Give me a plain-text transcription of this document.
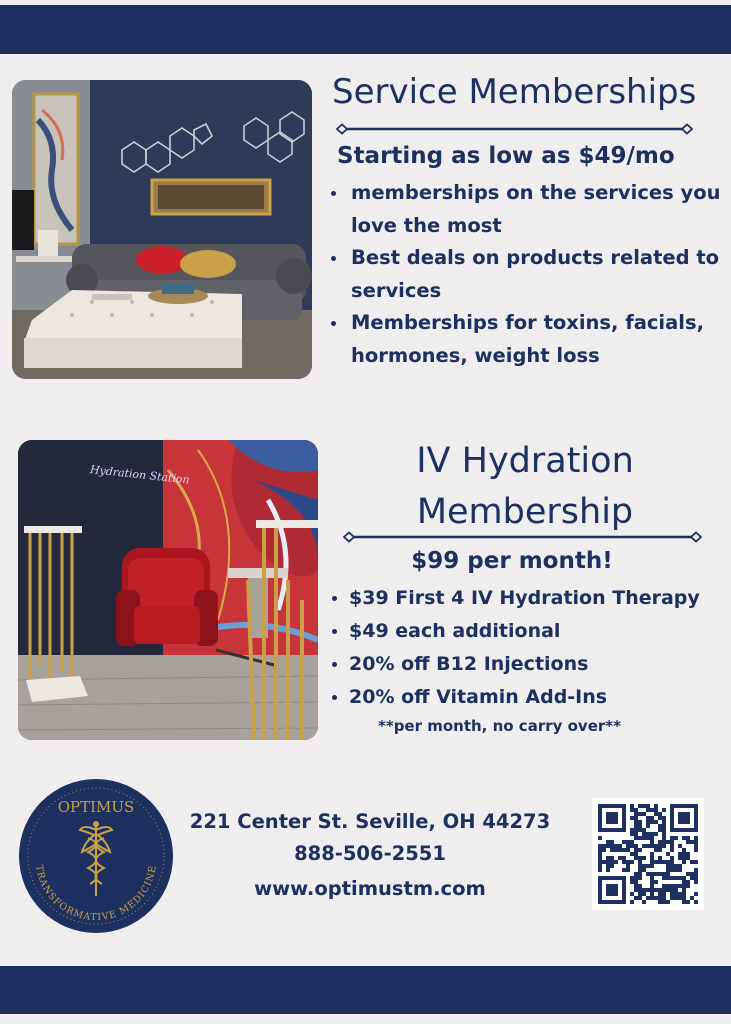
Service Memberships

Starting as low as $49/mo

memberships on the services you love the most
Best deals on products related to services
Memberships for toxins, facials, hormones, weight loss
Hydration Station	IV Hydration
Membership

$99 per month!

$39 First 4 IV Hydration Therapy
$49 each additional
20% off B12 Injections
20% off Vitamin Add-Ins

**per month, no carry over**

OPTIMUS
TRANSFORMATIVE MEDICINE

221 Center St. Seville, OH 44273

888-506-2551

www.optimustm.com
